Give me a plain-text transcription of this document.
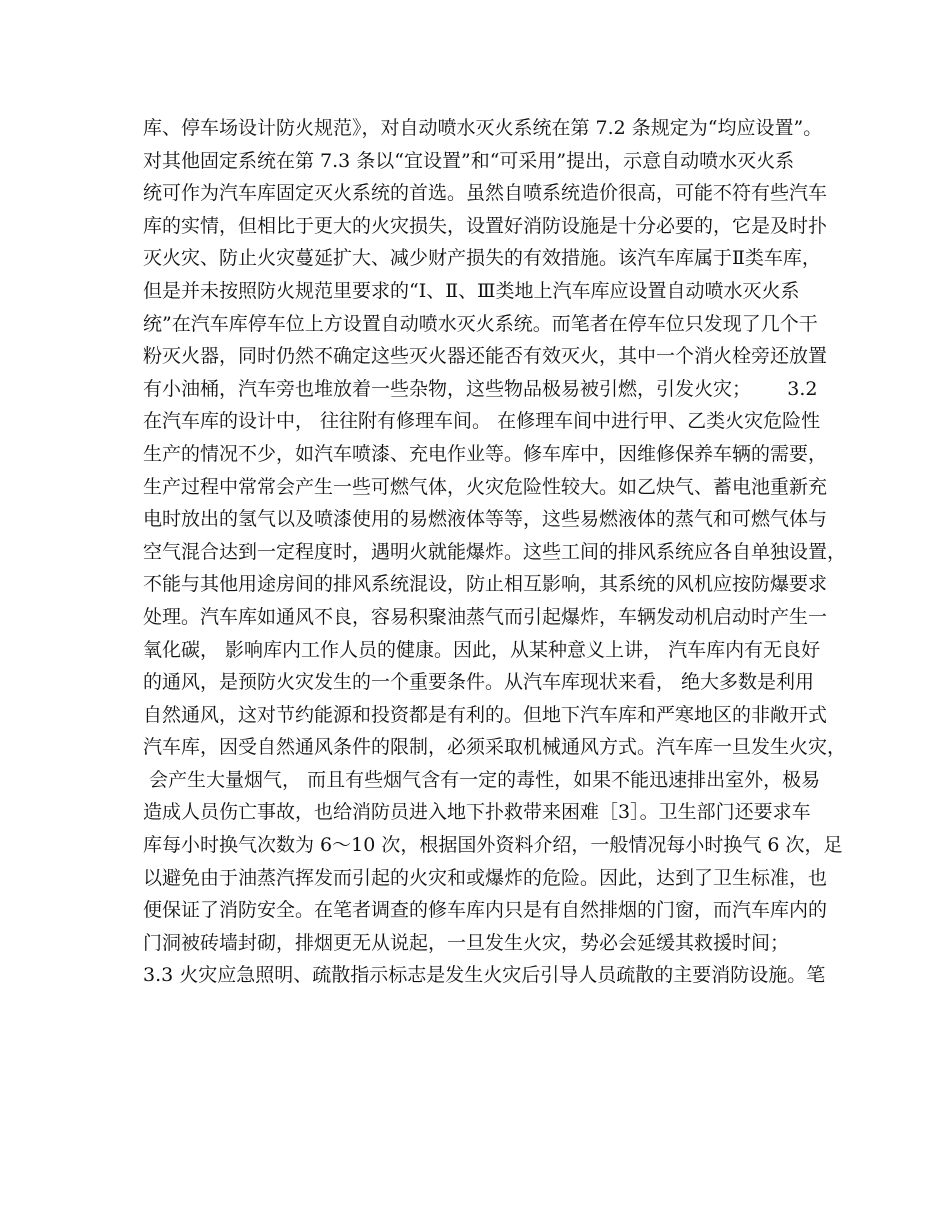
库、停车场设计防火规范》，对自动喷水灭火系统在第 7.2 条规定为“均应设置”。
对其他固定系统在第 7.3 条以“宜设置”和“可采用”提出，示意自动喷水灭火系
统可作为汽车库固定灭火系统的首选。虽然自喷系统造价很高，可能不符有些汽车
库的实情，但相比于更大的火灾损失，设置好消防设施是十分必要的，它是及时扑
灭火灾、防止火灾蔓延扩大、减少财产损失的有效措施。该汽车库属于Ⅱ类车库，
但是并未按照防火规范里要求的“Ⅰ、Ⅱ、Ⅲ类地上汽车库应设置自动喷水灭火系
统”在汽车库停车位上方设置自动喷水灭火系统。而笔者在停车位只发现了几个干
粉灭火器，同时仍然不确定这些灭火器还能否有效灭火，其中一个消火栓旁还放置
有小油桶，汽车旁也堆放着一些杂物，这些物品极易被引燃，引发火灾；      3.2
在汽车库的设计中， 往往附有修理车间。 在修理车间中进行甲、乙类火灾危险性
生产的情况不少，如汽车喷漆、充电作业等。修车库中，因维修保养车辆的需要，
生产过程中常常会产生一些可燃气体，火灾危险性较大。如乙炔气、蓄电池重新充
电时放出的氢气以及喷漆使用的易燃液体等等，这些易燃液体的蒸气和可燃气体与
空气混合达到一定程度时，遇明火就能爆炸。这些工间的排风系统应各自单独设置，
不能与其他用途房间的排风系统混设，防止相互影响，其系统的风机应按防爆要求
处理。汽车库如通风不良，容易积聚油蒸气而引起爆炸，车辆发动机启动时产生一
氧化碳， 影响库内工作人员的健康。因此，从某种意义上讲， 汽车库内有无良好
的通风，是预防火灾发生的一个重要条件。从汽车库现状来看， 绝大多数是利用
自然通风，这对节约能源和投资都是有利的。但地下汽车库和严寒地区的非敞开式
汽车库，因受自然通风条件的限制，必须采取机械通风方式。汽车库一旦发生火灾，
会产生大量烟气， 而且有些烟气含有一定的毒性，如果不能迅速排出室外，极易
造成人员伤亡事故，也给消防员进入地下扑救带来困难［3］。卫生部门还要求车
库每小时换气次数为 6～10 次，根据国外资料介绍，一般情况每小时换气 6 次，足
以避免由于油蒸汽挥发而引起的火灾和或爆炸的危险。因此，达到了卫生标准，也
便保证了消防安全。在笔者调查的修车库内只是有自然排烟的门窗，而汽车库内的
门洞被砖墙封砌，排烟更无从说起，一旦发生火灾，势必会延缓其救援时间；
3.3 火灾应急照明、疏散指示标志是发生火灾后引导人员疏散的主要消防设施。笔
